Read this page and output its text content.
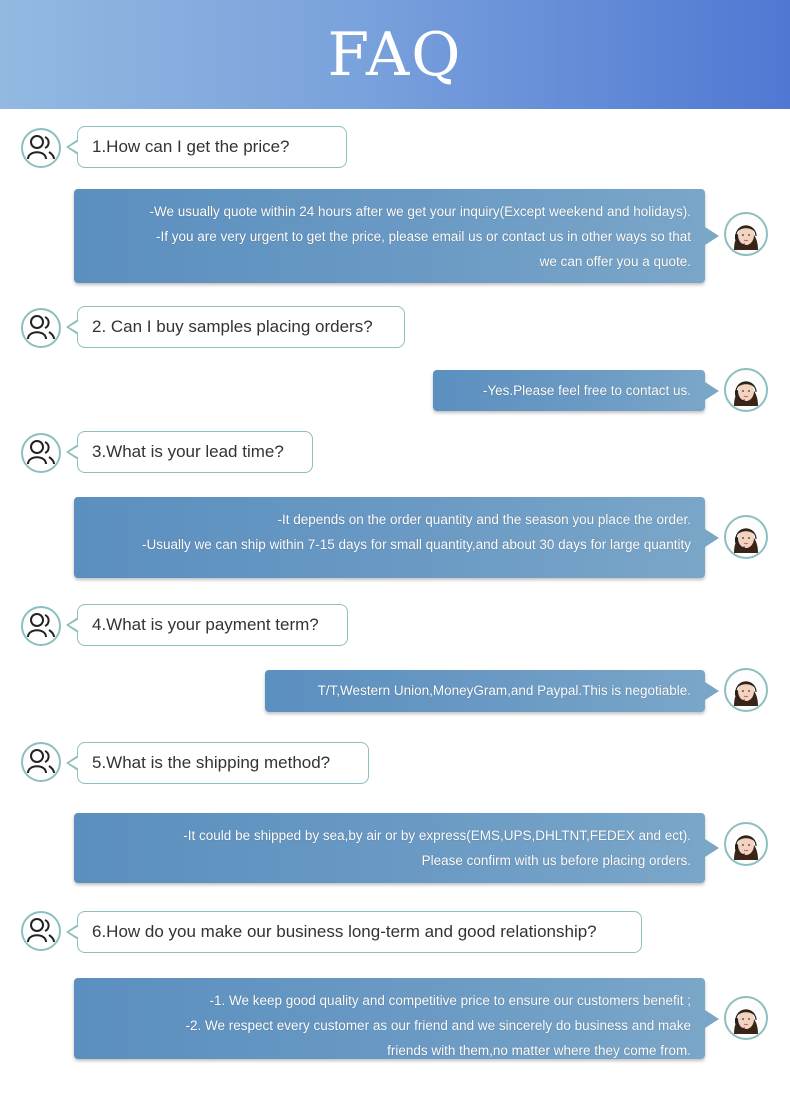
FAQ
1.How can I get the price?
-We usually quote within 24 hours after we get your inquiry(Except weekend and holidays).
-If you are very urgent to get the price, please email us or contact us in other ways so that
we can offer you a quote.
2. Can I buy samples placing orders?
-Yes.Please feel free to contact us.
3.What is your lead time?
-It depends on the order quantity and the season you place the order.
-Usually we can ship within 7-15 days for small quantity,and about 30 days for large quantity
4.What is your payment term?
T/T,Western Union,MoneyGram,and Paypal.This is negotiable.
5.What is the shipping method?
-It could be shipped by sea,by air or by express(EMS,UPS,DHLTNT,FEDEX and ect).
Please confirm with us before placing orders.
6.How do you make our business long-term and good relationship?
-1. We keep good quality and competitive price to ensure our customers benefit ;
-2. We respect every customer as our friend and we sincerely do business and make
friends with them,no matter where they come from.
